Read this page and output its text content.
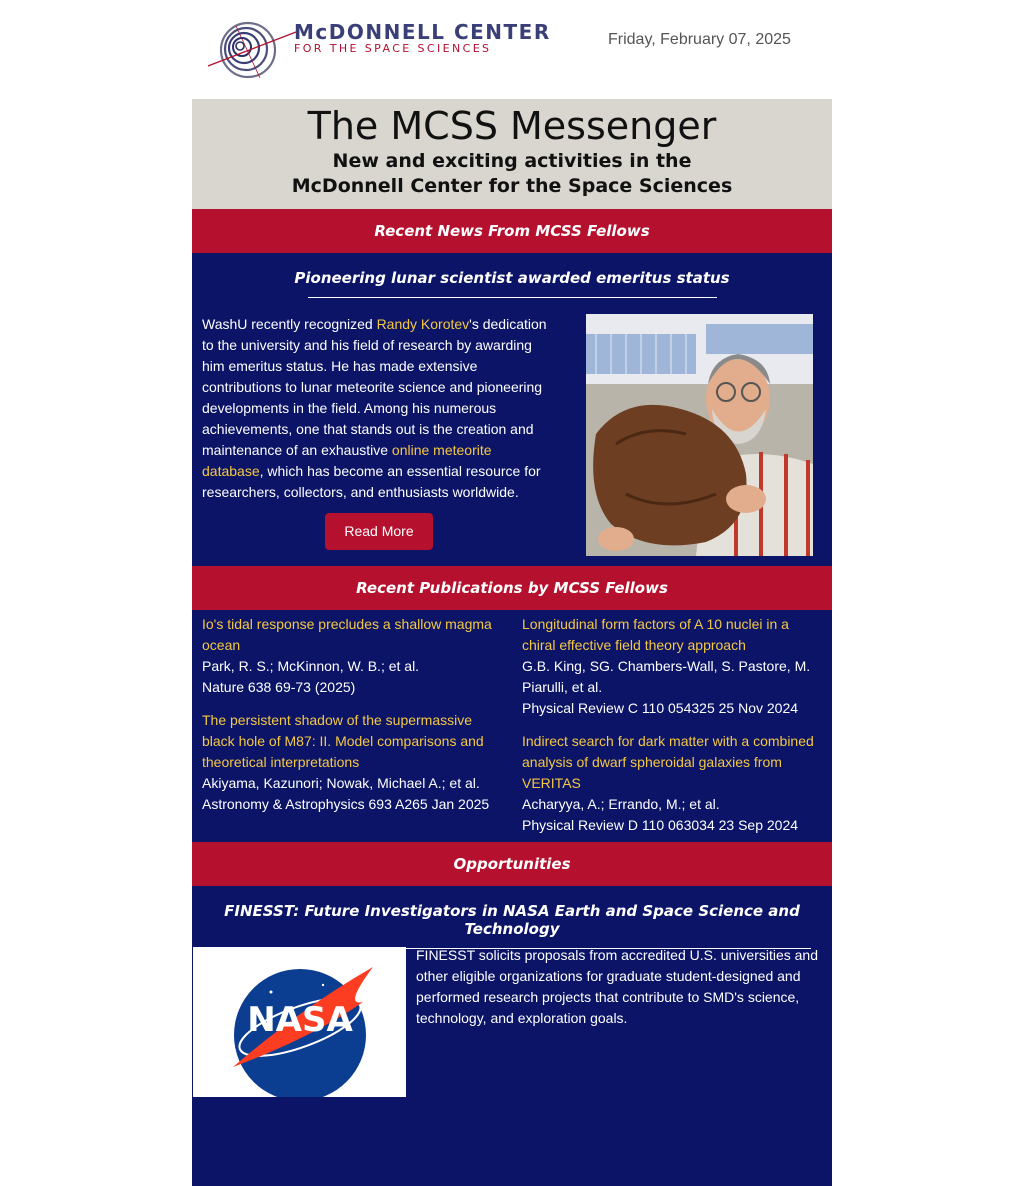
McDONNELL CENTER
FOR THE SPACE SCIENCES
Friday, February 07, 2025
The MCSS Messenger
New and exciting activities in the
McDonnell Center for the Space Sciences
Recent News From MCSS Fellows
Pioneering lunar scientist awarded emeritus status
WashU recently recognized Randy Korotev's dedication to the university and his field of research by awarding him emeritus status. He has made extensive contributions to lunar meteorite science and pioneering developments in the field. Among his numerous achievements, one that stands out is the creation and maintenance of an exhaustive online meteorite database, which has become an essential resource for researchers, collectors, and enthusiasts worldwide.
Read More
Recent Publications by MCSS Fellows
Io's tidal response precludes a shallow magma ocean
Park, R. S.; McKinnon, W. B.; et al.
Nature 638 69-73 (2025)
The persistent shadow of the supermassive black hole of M87: II. Model comparisons and theoretical interpretations
Akiyama, Kazunori; Nowak, Michael A.; et al.
Astronomy & Astrophysics 693 A265 Jan 2025
Longitudinal form factors of A 10 nuclei in a chiral effective field theory approach
G.B. King, SG. Chambers-Wall, S. Pastore, M. Piarulli, et al.
Physical Review C 110 054325 25 Nov 2024
Indirect search for dark matter with a combined analysis of dwarf spheroidal galaxies from VERITAS
Acharyya, A.; Errando, M.; et al.
Physical Review D 110 063034 23 Sep 2024
Opportunities
FINESST: Future Investigators in NASA Earth and Space Science and Technology
NASA
FINESST solicits proposals from accredited U.S. universities and other eligible organizations for graduate student-designed and performed research projects that contribute to SMD's science, technology, and exploration goals.
